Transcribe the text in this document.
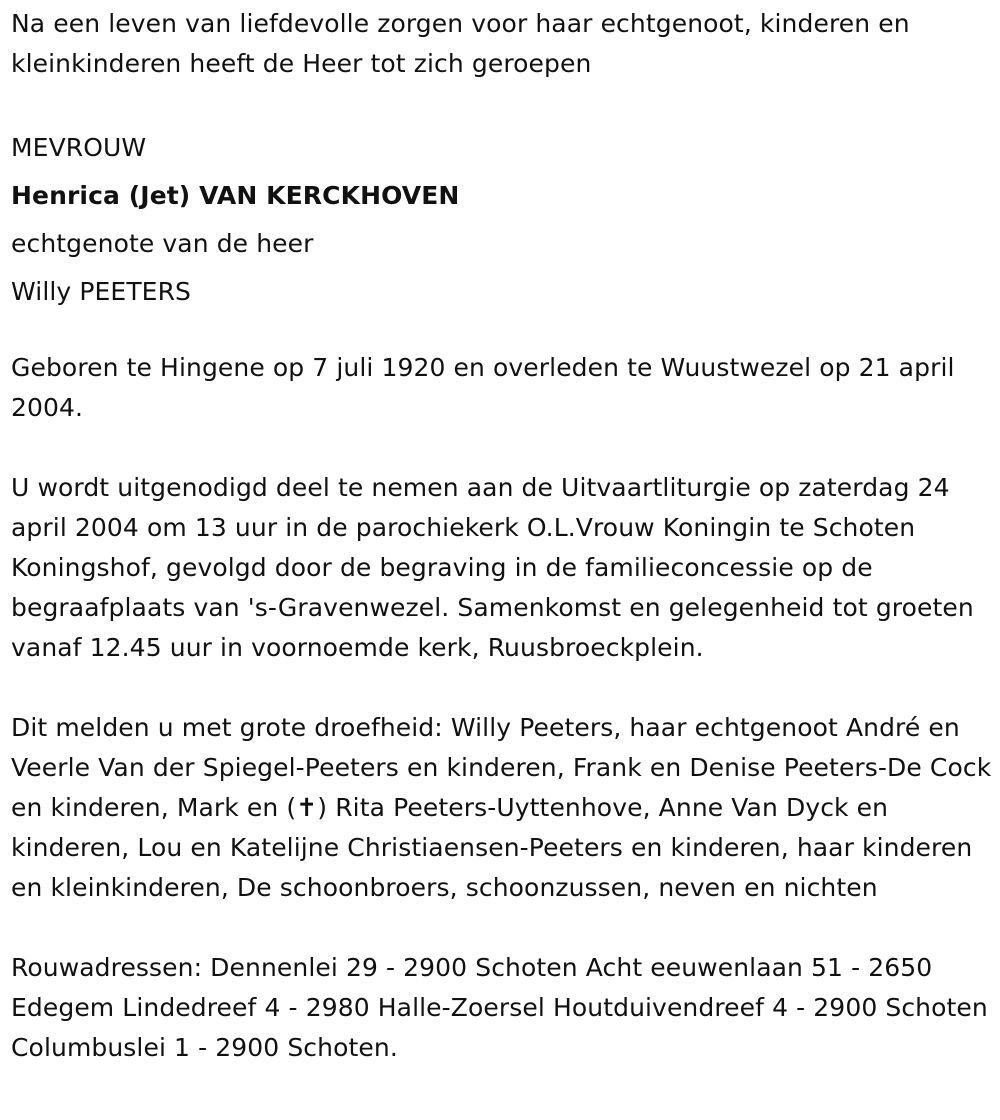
Na een leven van liefdevolle zorgen voor haar echtgenoot, kinderen en kleinkinderen heeft de Heer tot zich geroepen

MEVROUW
Henrica (Jet) VAN KERCKHOVEN
echtgenote van de heer
Willy PEETERS

Geboren te Hingene op 7 juli 1920 en overleden te Wuustwezel op 21 april 2004.

U wordt uitgenodigd deel te nemen aan de Uitvaartliturgie op zaterdag 24 april 2004 om 13 uur in de parochiekerk O.L.Vrouw Koningin te Schoten Koningshof, gevolgd door de begraving in de familieconcessie op de begraafplaats van 's-Gravenwezel. Samenkomst en gelegenheid tot groeten vanaf 12.45 uur in voornoemde kerk, Ruusbroeckplein.

Dit melden u met grote droefheid: Willy Peeters, haar echtgenoot André en Veerle Van der Spiegel-Peeters en kinderen, Frank en Denise Peeters-De Cock en kinderen, Mark en (✝) Rita Peeters-Uyttenhove, Anne Van Dyck en kinderen, Lou en Katelijne Christiaensen-Peeters en kinderen, haar kinderen en kleinkinderen, De schoonbroers, schoonzussen, neven en nichten

Rouwadressen: Dennenlei 29 - 2900 Schoten Acht eeuwenlaan 51 - 2650 Edegem Lindedreef 4 - 2980 Halle-Zoersel Houtduivendreef 4 - 2900 Schoten Columbuslei 1 - 2900 Schoten.
